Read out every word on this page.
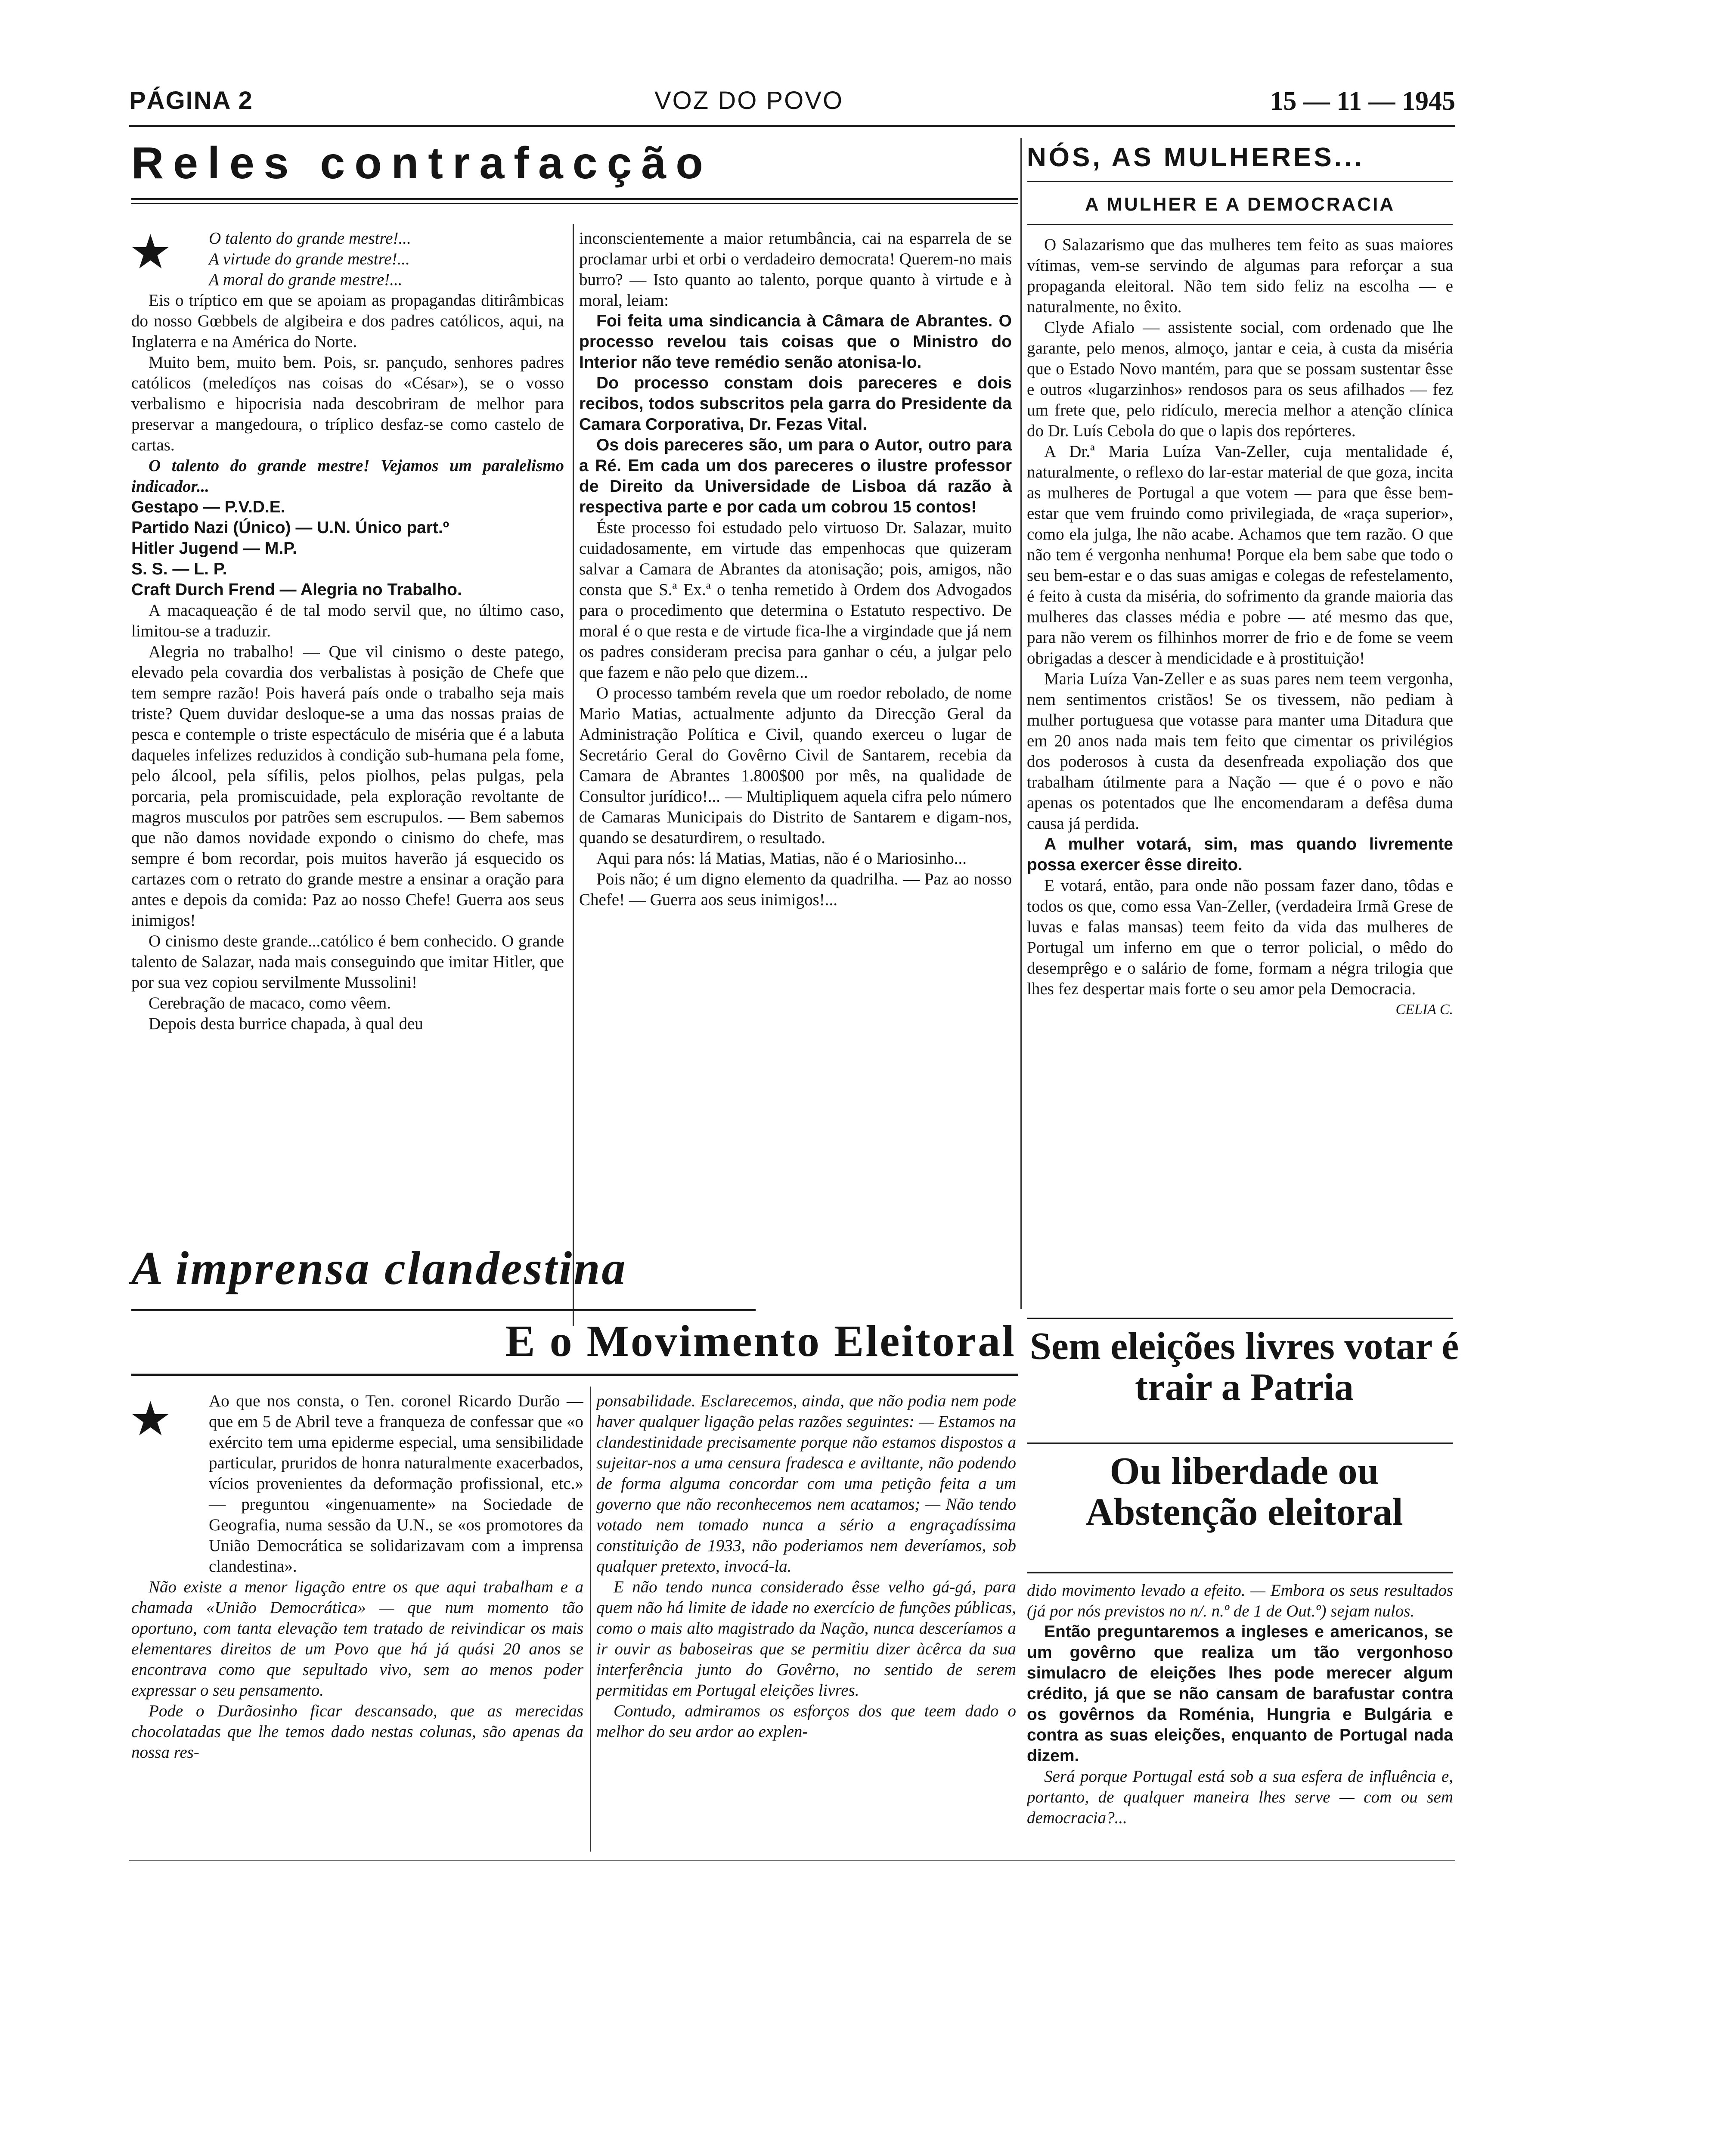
PÁGINA 2	VOZ DO POVO	15 — 11 — 1945
Reles contrafacção
★	O talento do grande mestre!...

A virtude do grande mestre!...

A moral do grande mestre!...

Eis o tríptico em que se apoiam as propagandas ditirâmbicas do nosso Gœbbels de algibeira e dos padres católicos, aqui, na Inglaterra e na América do Norte.

Muito bem, muito bem. Pois, sr. pançudo, senhores padres católicos (meledíços nas coisas do «César»), se o vosso verbalismo e hipocrisia nada descobriram de melhor para preservar a mangedoura, o tríplico desfaz-se como castelo de cartas.

O talento do grande mestre! Vejamos um paralelismo indicador...

Gestapo — P.V.D.E.

Partido Nazi (Único) — U.N. Único part.º

Hitler Jugend — M.P.

S. S. — L. P.

Craft Durch Frend — Alegria no Trabalho.

A macaqueação é de tal modo servil que, no último caso, limitou-se a traduzir.

Alegria no trabalho! — Que vil cinismo o deste patego, elevado pela covardia dos verbalistas à posição de Chefe que tem sempre razão! Pois haverá país onde o trabalho seja mais triste? Quem duvidar desloque-se a uma das nossas praias de pesca e contemple o triste espectáculo de miséria que é a labuta daqueles infelizes reduzidos à condição sub-humana pela fome, pelo álcool, pela sífilis, pelos piolhos, pelas pulgas, pela porcaria, pela promiscuidade, pela exploração revoltante de magros musculos por patrões sem escrupulos. — Bem sabemos que não damos novidade expondo o cinismo do chefe, mas sempre é bom recordar, pois muitos haverão já esquecido os cartazes com o retrato do grande mestre a ensinar a oração para antes e depois da comida: Paz ao nosso Chefe! Guerra aos seus inimigos!

O cinismo deste grande...católico é bem conhecido. O grande talento de Salazar, nada mais conseguindo que imitar Hitler, que por sua vez copiou servilmente Mussolini!

Cerebração de macaco, como vêem.

Depois desta burrice chapada, à qual deu

inconscientemente a maior retumbância, cai na esparrela de se proclamar urbi et orbi o verdadeiro democrata! Querem-no mais burro? — Isto quanto ao talento, porque quanto à virtude e à moral, leiam:

Foi feita uma sindicancia à Câmara de Abrantes. O processo revelou tais coisas que o Ministro do Interior não teve remédio senão atonisa-lo.

Do processo constam dois pareceres e dois recibos, todos subscritos pela garra do Presidente da Camara Corporativa, Dr. Fezas Vital.

Os dois pareceres são, um para o Autor, outro para a Ré. Em cada um dos pareceres o ilustre professor de Direito da Universidade de Lisboa dá razão à respectiva parte e por cada um cobrou 15 contos!

Éste processo foi estudado pelo virtuoso Dr. Salazar, muito cuidadosamente, em virtude das empenhocas que quizeram salvar a Camara de Abrantes da atonisação; pois, amigos, não consta que S.ª Ex.ª o tenha remetido à Ordem dos Advogados para o procedimento que determina o Estatuto respectivo. De moral é o que resta e de virtude fica-lhe a virgindade que já nem os padres consideram precisa para ganhar o céu, a julgar pelo que fazem e não pelo que dizem...

O processo também revela que um roedor rebolado, de nome Mario Matias, actualmente adjunto da Direcção Geral da Administração Política e Civil, quando exerceu o lugar de Secretário Geral do Govêrno Civil de Santarem, recebia da Camara de Abrantes 1.800$00 por mês, na qualidade de Consultor jurídico!... — Multipliquem aquela cifra pelo número de Camaras Municipais do Distrito de Santarem e digam-nos, quando se desaturdirem, o resultado.

Aqui para nós: lá Matias, Matias, não é o Mariosinho...

Pois não; é um digno elemento da quadrilha. — Paz ao nosso Chefe! — Guerra aos seus inimigos!...

NÓS, AS MULHERES...
A MULHER E A DEMOCRACIA

O Salazarismo que das mulheres tem feito as suas maiores vítimas, vem-se servindo de algumas para reforçar a sua propaganda eleitoral. Não tem sido feliz na escolha — e naturalmente, no êxito.

Clyde Afialo — assistente social, com ordenado que lhe garante, pelo menos, almoço, jantar e ceia, à custa da miséria que o Estado Novo mantém, para que se possam sustentar êsse e outros «lugarzinhos» rendosos para os seus afilhados — fez um frete que, pelo ridículo, merecia melhor a atenção clínica do Dr. Luís Cebola do que o lapis dos repórteres.

A Dr.ª Maria Luíza Van-Zeller, cuja mentalidade é, naturalmente, o reflexo do lar-estar material de que goza, incita as mulheres de Portugal a que votem — para que êsse bem-estar que vem fruindo como privilegiada, de «raça superior», como ela julga, lhe não acabe. Achamos que tem razão. O que não tem é vergonha nenhuma! Porque ela bem sabe que todo o seu bem-estar e o das suas amigas e colegas de refestelamento, é feito à custa da miséria, do sofrimento da grande maioria das mulheres das classes média e pobre — até mesmo das que, para não verem os filhinhos morrer de frio e de fome se veem obrigadas a descer à mendicidade e à prostituição!

Maria Luíza Van-Zeller e as suas pares nem teem vergonha, nem sentimentos cristãos! Se os tivessem, não pediam à mulher portuguesa que votasse para manter uma Ditadura que em 20 anos nada mais tem feito que cimentar os privilégios dos poderosos à custa da desenfreada expoliação dos que trabalham útilmente para a Nação — que é o povo e não apenas os potentados que lhe encomendaram a defêsa duma causa já perdida.

A mulher votará, sim, mas quando livremente possa exercer êsse direito.

E votará, então, para onde não possam fazer dano, tôdas e todos os que, como essa Van-Zeller, (verdadeira Irmã Grese de luvas e falas mansas) teem feito da vida das mulheres de Portugal um inferno em que o terror policial, o mêdo do desemprêgo e o salário de fome, formam a négra trilogia que lhes fez despertar mais forte o seu amor pela Democracia.

CELIA C.
A imprensa clandestina
E o Movimento Eleitoral
★	Ao que nos consta, o Ten. coronel Ricardo Durão — que em 5 de Abril teve a franqueza de confessar que «o exército tem uma epiderme especial, uma sensibilidade particular, pruridos de honra naturalmente exacerbados, vícios provenientes da deformação profissional, etc.» — preguntou «ingenuamente» na Sociedade de Geografia, numa sessão da U.N., se «os promotores da União Democrática se solidarizavam com a imprensa clandestina».

Não existe a menor ligação entre os que aqui trabalham e a chamada «União Democrática» — que num momento tão oportuno, com tanta elevação tem tratado de reivindicar os mais elementares direitos de um Povo que há já quási 20 anos se encontrava como que sepultado vivo, sem ao menos poder expressar o seu pensamento.

Pode o Durãosinho ficar descansado, que as merecidas chocolatadas que lhe temos dado nestas colunas, são apenas da nossa res-

ponsabilidade. Esclarecemos, ainda, que não podia nem pode haver qualquer ligação pelas razões seguintes: — Estamos na clandestinidade precisamente porque não estamos dispostos a sujeitar-nos a uma censura fradesca e aviltante, não podendo de forma alguma concordar com uma petição feita a um governo que não reconhecemos nem acatamos; — Não tendo votado nem tomado nunca a sério a engraçadíssima constituição de 1933, não poderiamos nem deveríamos, sob qualquer pretexto, invocá-la.

E não tendo nunca considerado êsse velho gá-gá, para quem não há limite de idade no exercício de funções públicas, como o mais alto magistrado da Nação, nunca desceríamos a ir ouvir as baboseiras que se permitiu dizer àcêrca da sua interferência junto do Govêrno, no sentido de serem permitidas em Portugal eleições livres.

Contudo, admiramos os esforços dos que teem dado o melhor do seu ardor ao explen-

Sem eleições livres votar é trair a Patria
Ou liberdade ou Abstenção eleitoral

dido movimento levado a efeito. — Embora os seus resultados (já por nós previstos no n/. n.º de 1 de Out.º) sejam nulos.

Então preguntaremos a ingleses e americanos, se um govêrno que realiza um tão vergonhoso simulacro de eleições lhes pode merecer algum crédito, já que se não cansam de barafustar contra os govêrnos da Roménia, Hungria e Bulgária e contra as suas eleições, enquanto de Portugal nada dizem.

Será porque Portugal está sob a sua esfera de influência e, portanto, de qualquer maneira lhes serve — com ou sem democracia?...
